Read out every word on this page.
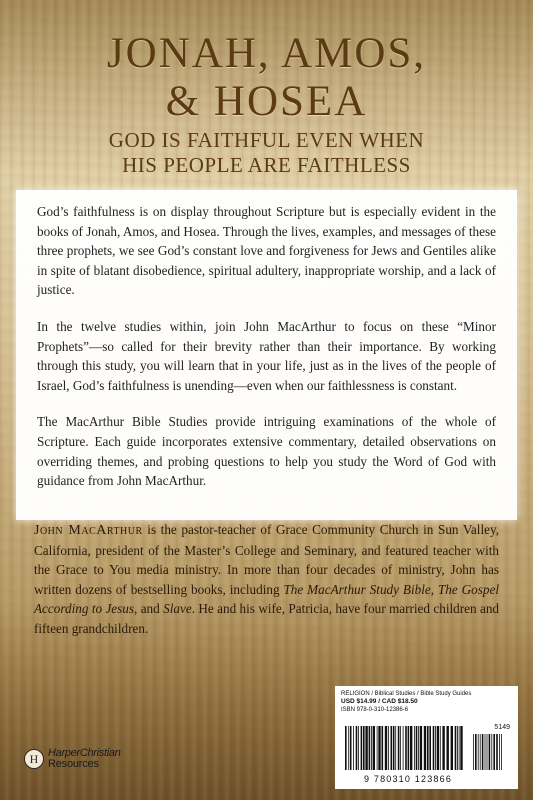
JONAH, AMOS,
& HOSEA
GOD IS FAITHFUL EVEN WHEN
HIS PEOPLE ARE FAITHLESS

God’s faithfulness is on display throughout Scripture but is especially evident in the books of Jonah, Amos, and Hosea. Through the lives, examples, and messages of these three prophets, we see God’s constant love and forgiveness for Jews and Gentiles alike in spite of blatant disobedience, spiritual adultery, inappropriate worship, and a lack of justice.

In the twelve studies within, join John MacArthur to focus on these “Minor Prophets”—so called for their brevity rather than their importance. By working through this study, you will learn that in your life, just as in the lives of the people of Israel, God’s faithfulness is unending—even when our faithlessness is constant.

The MacArthur Bible Studies provide intriguing examinations of the whole of Scripture. Each guide incorporates extensive commentary, detailed observations on overriding themes, and probing questions to help you study the Word of God with guidance from John MacArthur.

John MacArthur is the pastor-teacher of Grace Community Church in Sun Valley, California, president of the Master’s College and Seminary, and featured teacher with the Grace to You media ministry. In more than four decades of ministry, John has written dozens of bestselling books, including The MacArthur Study Bible, The Gospel According to Jesus, and Slave. He and his wife, Patricia, have four married children and fifteen grandchildren.

H HarperChristian
Resources
RELIGION / Biblical Studies / Bible Study Guides
USD $14.99 / CAD $18.50
ISBN 978-0-310-12386-6
5149
9 780310 123866
